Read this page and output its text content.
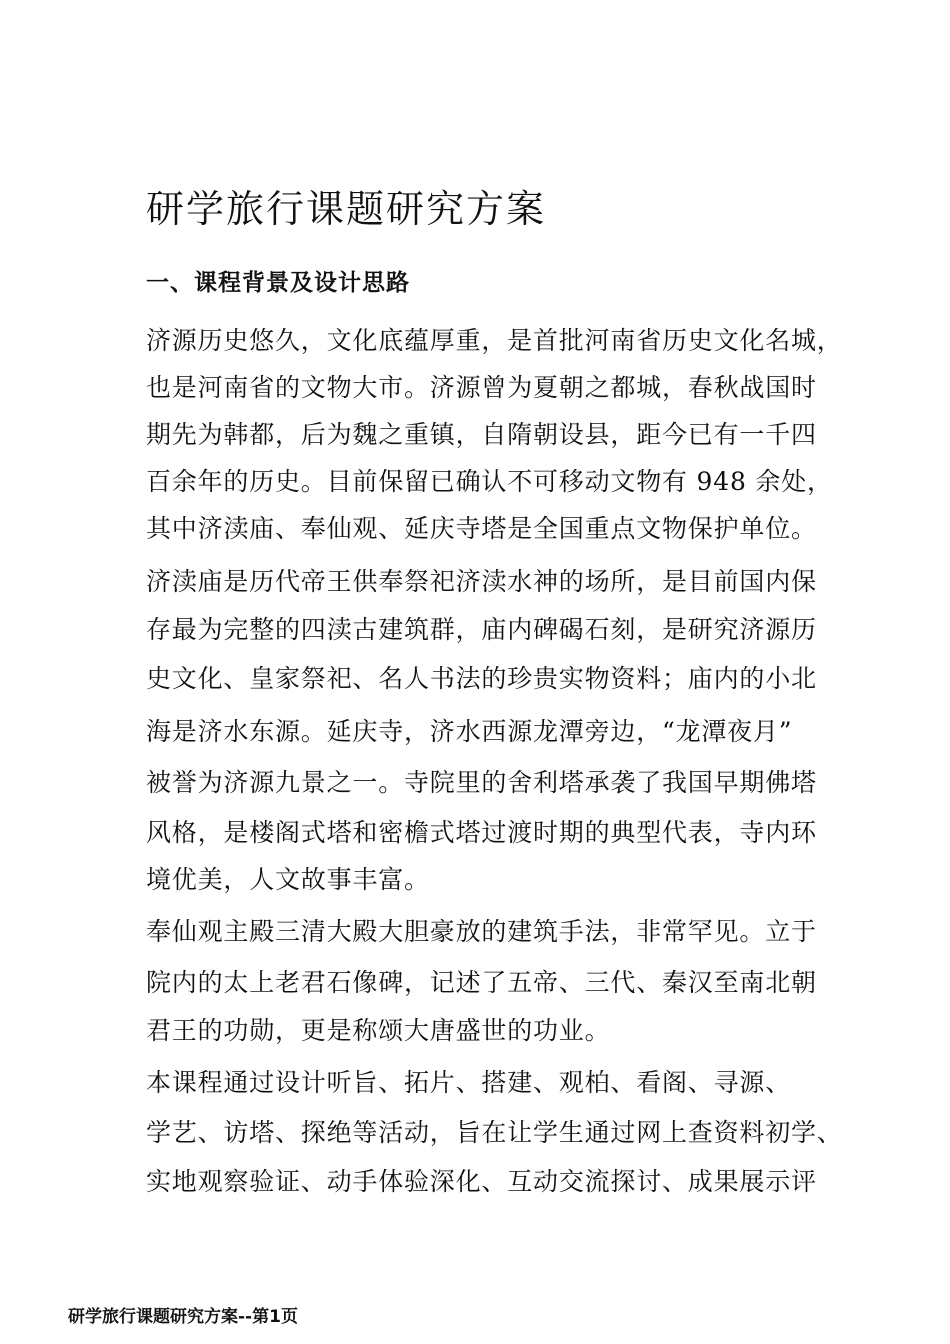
研学旅行课题研究方案
一、课程背景及设计思路

济源历史悠久，文化底蕴厚重，是首批河南省历史文化名城，

也是河南省的文物大市。济源曾为夏朝之都城，春秋战国时

期先为韩都，后为魏之重镇，自隋朝设县，距今已有一千四

百余年的历史。目前保留已确认不可移动文物有 948 余处，

其中济渎庙、奉仙观、延庆寺塔是全国重点文物保护单位。

济渎庙是历代帝王供奉祭祀济渎水神的场所，是目前国内保

存最为完整的四渎古建筑群，庙内碑碣石刻，是研究济源历

史文化、皇家祭祀、名人书法的珍贵实物资料；庙内的小北

海是济水东源。延庆寺，济水西源龙潭旁边，“龙潭夜月”

被誉为济源九景之一。寺院里的舍利塔承袭了我国早期佛塔

风格，是楼阁式塔和密檐式塔过渡时期的典型代表，寺内环

境优美，人文故事丰富。

奉仙观主殿三清大殿大胆豪放的建筑手法，非常罕见。立于

院内的太上老君石像碑，记述了五帝、三代、秦汉至南北朝

君王的功勋，更是称颂大唐盛世的功业。

本课程通过设计听旨、拓片、搭建、观柏、看阁、寻源、

学艺、访塔、探绝等活动，旨在让学生通过网上查资料初学、

实地观察验证、动手体验深化、互动交流探讨、成果展示评

研学旅行课题研究方案--第1页
